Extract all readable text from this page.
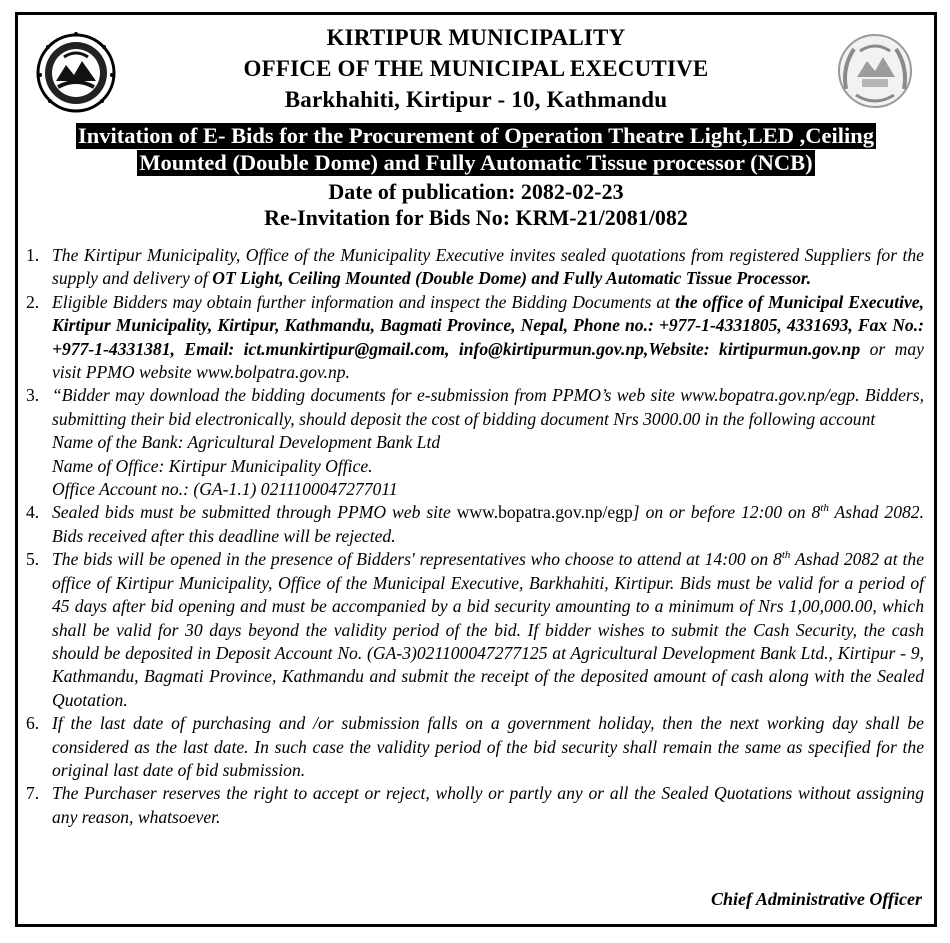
KIRTIPUR MUNICIPALITY
OFFICE OF THE MUNICIPAL EXECUTIVE
Barkhahiti, Kirtipur - 10, Kathmandu
Invitation of E- Bids for the Procurement of Operation Theatre Light,LED ,Ceiling
Mounted (Double Dome) and Fully Automatic Tissue processor (NCB)
Date of publication: 2082-02-23
Re-Invitation for Bids No: KRM-21/2081/082
1. The Kirtipur Municipality, Office of the Municipality Executive invites sealed quotations from registered Suppliers for the supply and delivery of OT Light, Ceiling Mounted (Double Dome) and Fully Automatic Tissue Processor.
2. Eligible Bidders may obtain further information and inspect the Bidding Documents at the office of Municipal Executive, Kirtipur Municipality, Kirtipur, Kathmandu, Bagmati Province, Nepal, Phone no.: +977-1-4331805, 4331693, Fax No.: +977-1-4331381, Email: ict.munkirtipur@gmail.com, info@kirtipurmun.gov.np,Website: kirtipurmun.gov.np or may visit PPMO website www.bolpatra.gov.np.
3. “Bidder may download the bidding documents for e-submission from PPMO’s web site www.bopatra.gov.np/egp. Bidders, submitting their bid electronically, should deposit the cost of bidding document Nrs 3000.00 in the following account
Name of the Bank: Agricultural Development Bank Ltd
Name of Office: Kirtipur Municipality Office.
Office Account no.: (GA-1.1) 0211100047277011
4. Sealed bids must be submitted through PPMO web site www.bopatra.gov.np/egp] on or before 12:00 on 8th Ashad 2082. Bids received after this deadline will be rejected.
5. The bids will be opened in the presence of Bidders' representatives who choose to attend at 14:00 on 8th Ashad 2082 at the office of Kirtipur Municipality, Office of the Municipal Executive, Barkhahiti, Kirtipur. Bids must be valid for a period of 45 days after bid opening and must be accompanied by a bid security amounting to a minimum of Nrs 1,00,000.00, which shall be valid for 30 days beyond the validity period of the bid. If bidder wishes to submit the Cash Security, the cash should be deposited in Deposit Account No. (GA-3)021100047277125 at Agricultural Development Bank Ltd., Kirtipur - 9, Kathmandu, Bagmati Province, Kathmandu and submit the receipt of the deposited amount of cash along with the Sealed Quotation.
6. If the last date of purchasing and /or submission falls on a government holiday, then the next working day shall be considered as the last date. In such case the validity period of the bid security shall remain the same as specified for the original last date of bid submission.
7. The Purchaser reserves the right to accept or reject, wholly or partly any or all the Sealed Quotations without assigning any reason, whatsoever.
Chief Administrative Officer
